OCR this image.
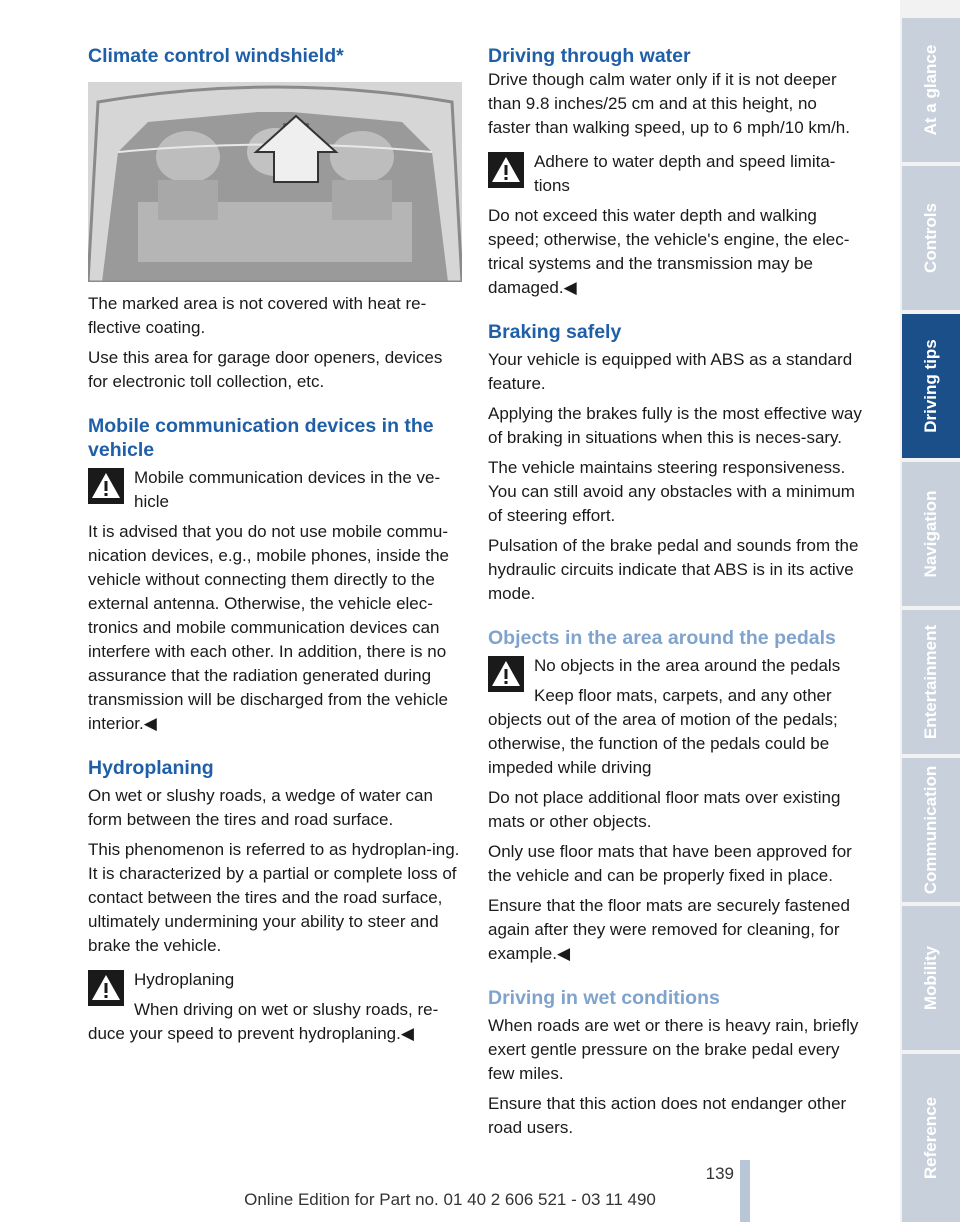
Climate control windshield*

The marked area is not covered with heat re-flective coating.

Use this area for garage door openers, devices for electronic toll collection, etc.

Mobile communication devices in the vehicle
Mobile communication devices in the ve-hicle

It is advised that you do not use mobile commu-nication devices, e.g., mobile phones, inside the vehicle without connecting them directly to the external antenna. Otherwise, the vehicle elec-tronics and mobile communication devices can interfere with each other. In addition, there is no assurance that the radiation generated during transmission will be discharged from the vehicle interior.◀

Hydroplaning

On wet or slushy roads, a wedge of water can form between the tires and road surface.

This phenomenon is referred to as hydroplan-ing. It is characterized by a partial or complete loss of contact between the tires and the road surface, ultimately undermining your ability to steer and brake the vehicle.

Hydroplaning

When driving on wet or slushy roads, re-duce your speed to prevent hydroplaning.◀

Driving through water

Drive though calm water only if it is not deeper than 9.8 inches/25 cm and at this height, no faster than walking speed, up to 6 mph/10 km/h.

Adhere to water depth and speed limita-tions

Do not exceed this water depth and walking speed; otherwise, the vehicle's engine, the elec-trical systems and the transmission may be damaged.◀

Braking safely

Your vehicle is equipped with ABS as a standard feature.

Applying the brakes fully is the most effective way of braking in situations when this is neces-sary.

The vehicle maintains steering responsiveness. You can still avoid any obstacles with a minimum of steering effort.

Pulsation of the brake pedal and sounds from the hydraulic circuits indicate that ABS is in its active mode.

Objects in the area around the pedals
No objects in the area around the pedals

Keep floor mats, carpets, and any other objects out of the area of motion of the pedals; otherwise, the function of the pedals could be impeded while driving

Do not place additional floor mats over existing mats or other objects.

Only use floor mats that have been approved for the vehicle and can be properly fixed in place.

Ensure that the floor mats are securely fastened again after they were removed for cleaning, for example.◀

Driving in wet conditions

When roads are wet or there is heavy rain, briefly exert gentle pressure on the brake pedal every few miles.

Ensure that this action does not endanger other road users.

At a glance
Controls
Driving tips
Navigation
Entertainment
Communication
Mobility
Reference
139
Online Edition for Part no. 01 40 2 606 521 - 03 11 490
